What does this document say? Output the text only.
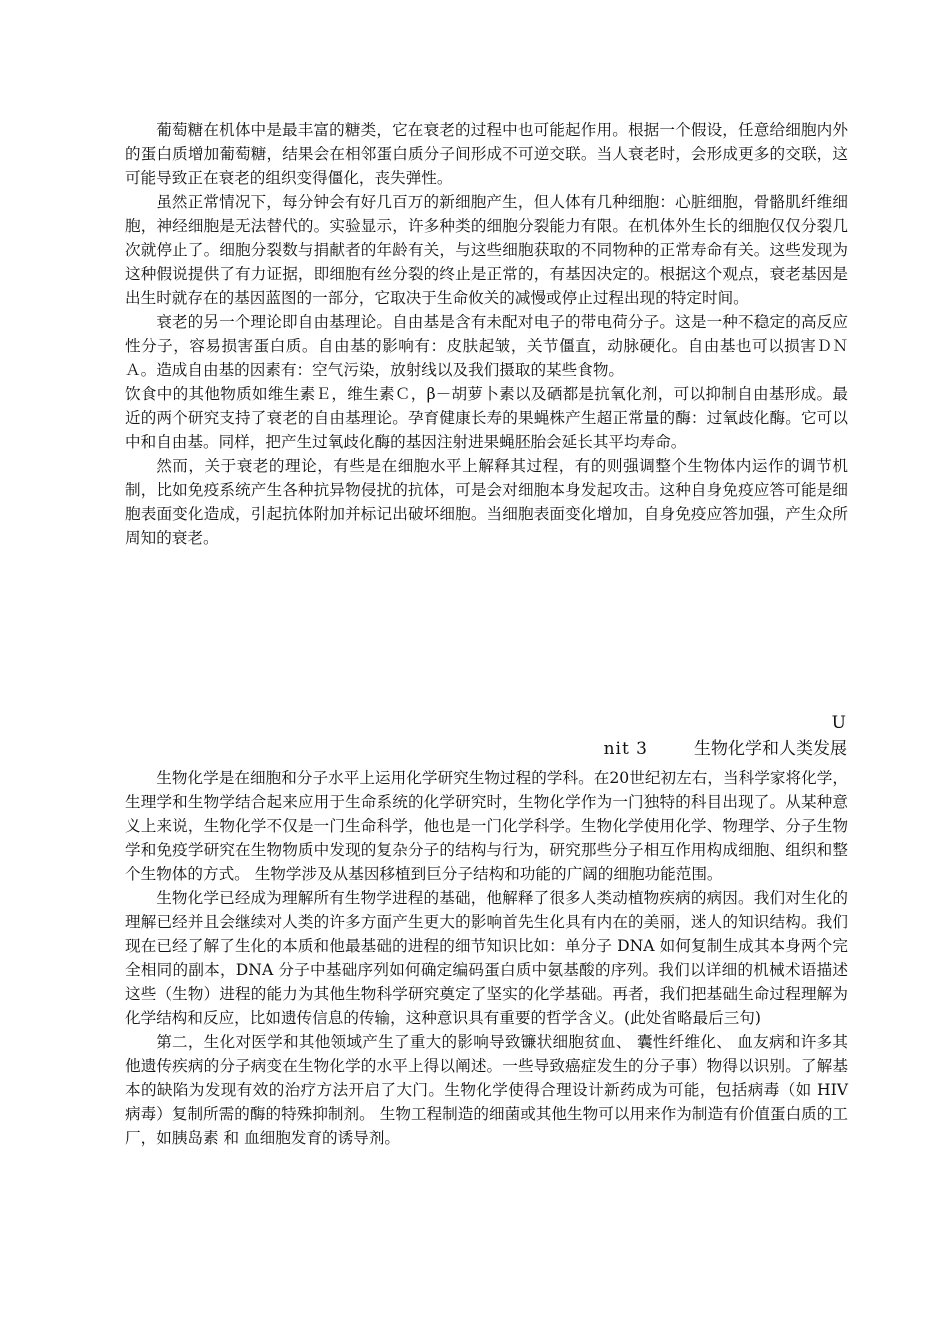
葡萄糖在机体中是最丰富的糖类，它在衰老的过程中也可能起作用。根据一个假设，任意给细胞内外的蛋白质增加葡萄糖，结果会在相邻蛋白质分子间形成不可逆交联。当人衰老时，会形成更多的交联，这可能导致正在衰老的组织变得僵化，丧失弹性。

虽然正常情况下，每分钟会有好几百万的新细胞产生，但人体有几种细胞：心脏细胞，骨骼肌纤维细胞，神经细胞是无法替代的。实验显示，许多种类的细胞分裂能力有限。在机体外生长的细胞仅仅分裂几次就停止了。细胞分裂数与捐献者的年龄有关，与这些细胞获取的不同物种的正常寿命有关。这些发现为这种假说提供了有力证据，即细胞有丝分裂的终止是正常的，有基因决定的。根据这个观点，衰老基因是出生时就存在的基因蓝图的一部分，它取决于生命攸关的减慢或停止过程出现的特定时间。

衰老的另一个理论即自由基理论。自由基是含有未配对电子的带电荷分子。这是一种不稳定的高反应性分子，容易损害蛋白质。自由基的影响有：皮肤起皱，关节僵直，动脉硬化。自由基也可以损害ＤＮＡ。造成自由基的因素有：空气污染，放射线以及我们摄取的某些食物。

饮食中的其他物质如维生素Ｅ，维生素Ｃ，β－胡萝卜素以及硒都是抗氧化剂，可以抑制自由基形成。最近的两个研究支持了衰老的自由基理论。孕育健康长寿的果蝇株产生超正常量的酶：过氧歧化酶。它可以中和自由基。同样，把产生过氧歧化酶的基因注射进果蝇胚胎会延长其平均寿命。

然而，关于衰老的理论，有些是在细胞水平上解释其过程，有的则强调整个生物体内运作的调节机制，比如免疫系统产生各种抗异物侵扰的抗体，可是会对细胞本身发起攻击。这种自身免疫应答可能是细胞表面变化造成，引起抗体附加并标记出破坏细胞。当细胞表面变化增加，自身免疫应答加强，产生众所周知的衰老。

U
nit 3	生物化学和人类发展

生物化学是在细胞和分子水平上运用化学研究生物过程的学科。在20世纪初左右，当科学家将化学，生理学和生物学结合起来应用于生命系统的化学研究时，生物化学作为一门独特的科目出现了。从某种意义上来说，生物化学不仅是一门生命科学，他也是一门化学科学。生物化学使用化学、物理学、分子生物学和免疫学研究在生物物质中发现的复杂分子的结构与行为，研究那些分子相互作用构成细胞、组织和整个生物体的方式。 生物学涉及从基因移植到巨分子结构和功能的广阔的细胞功能范围。

生物化学已经成为理解所有生物学进程的基础，他解释了很多人类动植物疾病的病因。我们对生化的理解已经并且会继续对人类的许多方面产生更大的影响首先生化具有内在的美丽，迷人的知识结构。我们现在已经了解了生化的本质和他最基础的进程的细节知识比如：单分子 DNA 如何复制生成其本身两个完全相同的副本，DNA 分子中基础序列如何确定编码蛋白质中氨基酸的序列。我们以详细的机械术语描述这些（生物）进程的能力为其他生物科学研究奠定了坚实的化学基础。再者，我们把基础生命过程理解为化学结构和反应，比如遗传信息的传输，这种意识具有重要的哲学含义。(此处省略最后三句)

第二，生化对医学和其他领域产生了重大的影响导致镰状细胞贫血、 囊性纤维化、 血友病和许多其他遗传疾病的分子病变在生物化学的水平上得以阐述。一些导致癌症发生的分子事）物得以识别。了解基本的缺陷为发现有效的治疗方法开启了大门。生物化学使得合理设计新药成为可能，包括病毒（如 HIV 病毒）复制所需的酶的特殊抑制剂。 生物工程制造的细菌或其他生物可以用来作为制造有价值蛋白质的工厂，如胰岛素 和 血细胞发育的诱导剂。
